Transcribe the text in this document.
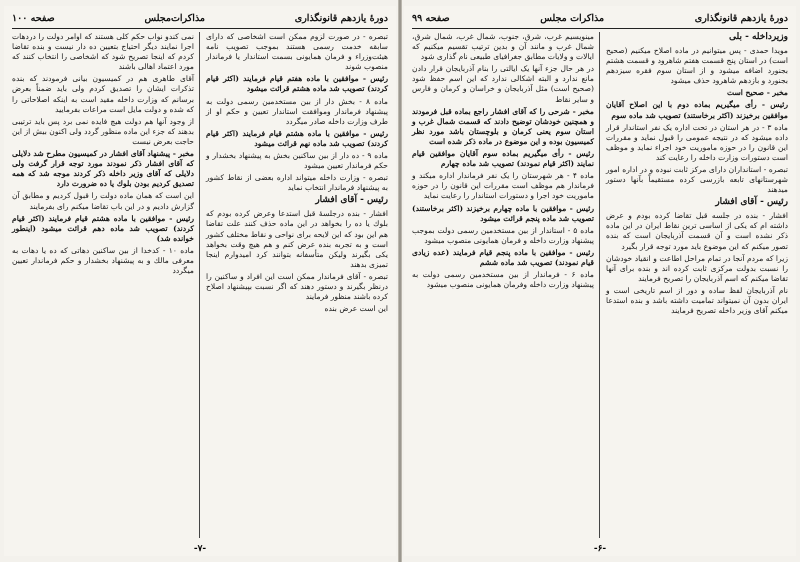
دورهٔ یازدهم قانونگذاری
مذاکرات‌مجلس
صفحه ۱۰۰

تبصره - در صورت لزوم ممکن است اشخاصی که دارای سابقه خدمت رسمی هستند بموجب تصویب نامه هیئت‌وزراء و فرمان همایونی بسمت استاندار یا فرماندار منصوب شوند

رئیس - موافقین با ماده هفتم قیام فرمایند (اکثر قیام کردند) تصویب شد ماده هشتم قرائت میشود

ماده ۸ - بخش دار از بین مستخدمین رسمی دولت به پیشنهاد فرماندار وموافقت استاندار تعیین و حکم او از طرف وزارت داخله صادر میگردد

رئیس - موافقین با ماده هشتم قیام فرمایند (اکثر قیام کردند) تصویب شد ماده نهم قرائت میشود

ماده ۹ - ده دار از بین ساکنین بخش به پیشنهاد بخشدار و حکم فرماندار تعیین میشود

تبصره - وزارت داخله میتواند اداره بعضی از نقاط کشور به پیشنهاد فرماندار انتخاب نماید

رئیس - آقای افشار

افشار - بنده درجلسهٔ قبل استدعا وعرض کرده بودم که بلوك یا ده را بخواهد در این ماده حذف کنند علت تقاضا هم این بود که این لایحه برای نواحی و نقاط مختلف کشور است و به تجربه بنده عرض کنم و هم هیچ وقت بخواهد یکی بگیرند ولیکن متأسفانه بتوانند کرد امیدوارم اینجا تمیزی بدهند

تبصره - آقای فرماندار ممکن است این افراد و ساکنین را درنظر بگیرند و دستور دهند که اگر نسبت بپیشنهاد اصلاح کرده باشند منظور فرمایند

این است عرض بنده

نمی کندو نواب حکم کلی هستند که اوامر دولت را دردهات اجرا نمایند دیگر احتیاج بتعیین ده دار نیست و بنده تقاضا کردم که اینجا تصریح شود که اشخاصی را انتخاب کنند که مورد اعتماد اهالی باشند

آقای طاهری هم در کمیسیون بیانی فرمودند که بنده تذکرات ایشان را تصدیق کردم ولی باید ضمناً بعرض برسانم که وزارت داخله مقید است به اینکه اصلاحاتی را که شده و دولت مایل است مراعات بفرمایید

از وجود آنها هم دولت هیچ فایده نمی برد پس باید ترتیبی بدهند که جزء این ماده منظور گردد ولی اکنون بیش از این حاجت بعرض نیست

مخبر - پیشنهاد آقای افشار در کمیسیون مطرح شد دلایلی که آقای افشار ذکر نمودند مورد توجه قرار گرفت ولی دلایلی که آقای وزیر داخله ذکر کردند موجه شد که همه تصدیق کردیم بودن بلوك یا ده ضرورت دارد

این است که همان ماده دولت را قبول کردیم و مطابق آن گزارش دادیم و در این باب تقاضا میکنم رای بفرمایند

رئیس - موافقین با ماده هشتم قیام فرمایند (اکثر قیام کردند) تصویب شد ماده دهم قرائت میشود (اینطور خوانده شد)

ماده ۱۰ - کدخدا از بین ساکنین دهاتی که ده یا دهات به معرفی مالك و به پیشنهاد بخشدار و حکم فرماندار تعیین میگردد

-۷-
دورهٔ یازدهم قانونگذاری
مذاکرات مجلس
صفحه ۹۹

وزیرداخله - بلی

مویدا حمدی - پس میتوانیم در ماده اصلاح میکنیم (صحیح است) در استان پنج قسمت هفتم شاهرود و قسمت هشتم بجنورد اضافه میشود و از استان سوم فقره سیزدهم بجنورد و بازدهم شاهرود حذف میشود

مخبر - صحیح است

رئیس - رأی میگیریم بماده دوم با این اصلاح آقایان موافقین برخیزند (اکثر برخاستند) تصویب شد ماده سوم

ماده ۳ - در هر استان در تحت اداره یک نفر استاندار قرار داده میشود که در نتیجه عمومی را قبول نماید و مقررات این قانون را در حوزه ماموریت خود اجراء نماید و موظف است دستورات وزارت داخله را رعایت کند

تبصره - استانداران دارای مرکز ثابت نبوده و در اداره امور شهرستانهای تابعه بازرسی کرده مستقیماً بآنها دستور میدهند

رئیس - آقای افشار

افشار - بنده در جلسه قبل تقاضا کرده بودم و عرض داشته ام که یکی از اساسی ترین نقاط ایران در این ماده ذکر نشده است و آن قسمت آذربایجان است که بنده تصور میکنم که این موضوع باید مورد توجه قرار بگیرد

زیرا که مردم آنجا در تمام مراحل اطاعت و انقیاد خودشان را نسبت بدولت مرکزی ثابت کرده اند و بنده برای آنها تقاضا میکنم که اسم آذربایجان را تصریح فرمایند

نام آذربایجان لفظ ساده و دور از اسم تاریخی است و ایران بدون آن نمیتواند تمامیت داشته باشد و بنده استدعا میکنم آقای وزیر داخله تصریح فرمایند

مینویسیم غرب، شرق، جنوب، شمال غرب، شمال شرق، شمال غرب و مانند آن و بدین ترتیب تقسیم میکنیم که ایالات و ولایات مطابق جغرافیای طبیعی نام گذاری شود

در هر حال جزء آنها یک ایالتی را بنام آذربایجان قرار دادن مانع ندارد و البته اشکالی ندارد که این اسم حفظ شود (صحیح است) مثل آذربایجان و خراسان و کرمان و فارس و سایر نقاط

مخبر - شرحی را که آقای افشار راجع بماده قبل فرمودند و همچنین خودشان توضیح دادند که قسمت شمال غرب و استان سوم یعنی کرمان و بلوچستان باشد مورد نظر کمیسیون بوده و این موضوع در ماده ذکر شده است

رئیس - رأی میگیریم بماده سوم آقایان موافقین قیام نمایند (اکثر قیام نمودند) تصویب شد ماده چهارم

ماده ۴ - هر شهرستان را یک نفر فرماندار اداره میکند و فرماندار هم موظف است مقررات این قانون را در حوزه ماموریت خود اجرا و دستورات استاندار را رعایت نماید

رئیس - موافقین با ماده چهارم برخیزند (اکثر برخاستند) تصویب شد ماده پنجم قرائت میشود

ماده ۵ - استاندار از بین مستخدمین رسمی دولت بموجب پیشنهاد وزارت داخله و فرمان همایونی منصوب میشود

رئیس - موافقین با ماده پنجم قیام فرمایند (عده زیادی قیام نمودند) تصویب شد ماده ششم

ماده ۶ - فرماندار از بین مستخدمین رسمی دولت به پیشنهاد وزارت داخله وفرمان همایونی منصوب میشود

-۶-
